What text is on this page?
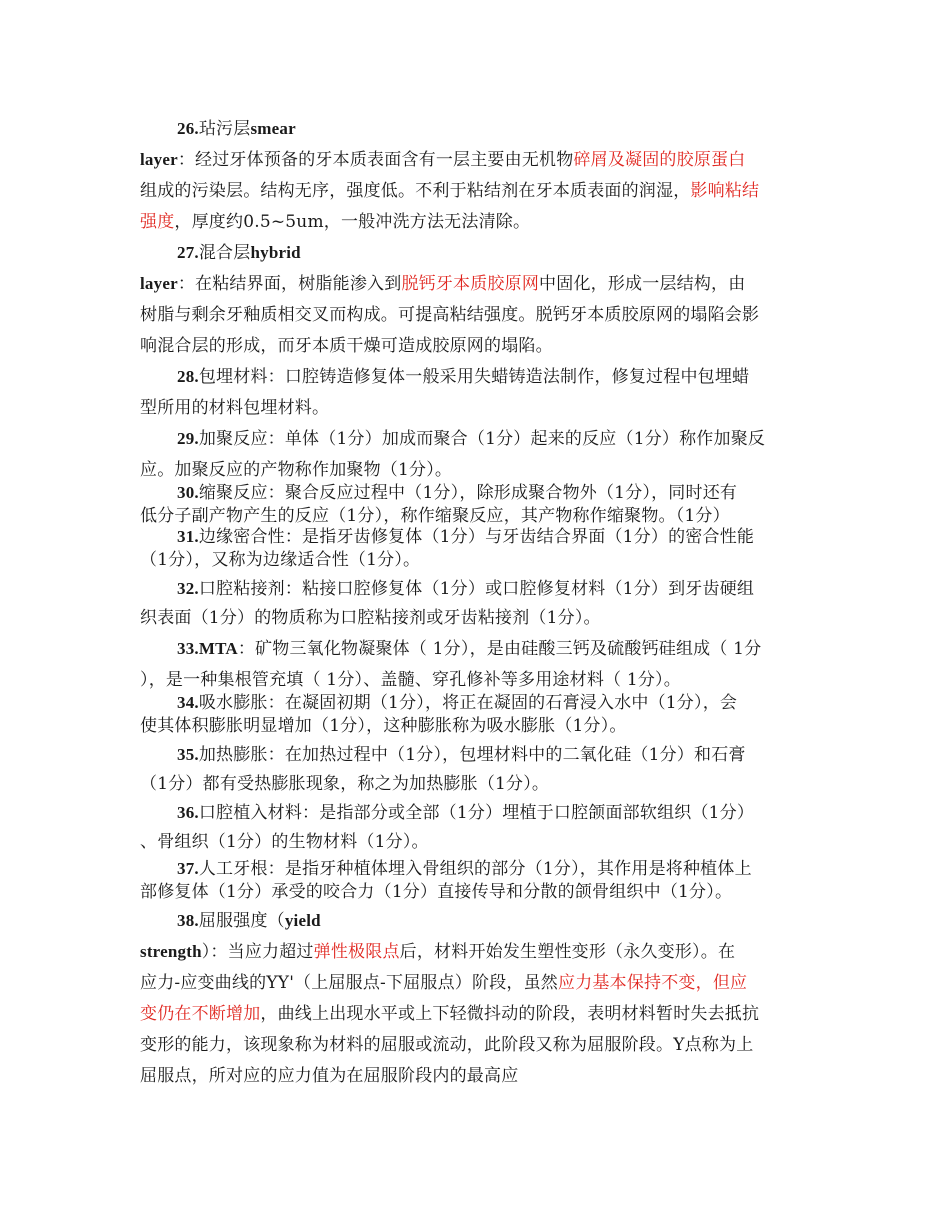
26.玷污层smear
layer：经过牙体预备的牙本质表面含有一层主要由无机物碎屑及凝固的胶原蛋白
组成的污染层。结构无序，强度低。不利于粘结剂在牙本质表面的润湿，影响粘结
强度，厚度约0.5~5um，一般冲洗方法无法清除。
27.混合层hybrid
layer：在粘结界面，树脂能渗入到脱钙牙本质胶原网中固化，形成一层结构，由
树脂与剩余牙釉质相交叉而构成。可提高粘结强度。脱钙牙本质胶原网的塌陷会影
响混合层的形成，而牙本质干燥可造成胶原网的塌陷。
28.包埋材料：口腔铸造修复体一般采用失蜡铸造法制作，修复过程中包埋蜡
型所用的材料包埋材料。
29.加聚反应：单体（1分）加成而聚合（1分）起来的反应（1分）称作加聚反
应。加聚反应的产物称作加聚物（1分）。
30.缩聚反应：聚合反应过程中（1分），除形成聚合物外（1分），同时还有
低分子副产物产生的反应（1分），称作缩聚反应，其产物称作缩聚物。（1分）
31.边缘密合性：是指牙齿修复体（1分）与牙齿结合界面（1分）的密合性能
（1分），又称为边缘适合性（1分）。
32.口腔粘接剂：粘接口腔修复体（1分）或口腔修复材料（1分）到牙齿硬组
织表面（1分）的物质称为口腔粘接剂或牙齿粘接剂（1分）。
33.MTA：矿物三氧化物凝聚体（ 1分），是由硅酸三钙及硫酸钙硅组成（ 1分
），是一种集根管充填（ 1分）、盖髓、穿孔修补等多用途材料（ 1分）。
34.吸水膨胀：在凝固初期（1分），将正在凝固的石膏浸入水中（1分），会
使其体积膨胀明显增加（1分），这种膨胀称为吸水膨胀（1分）。
35.加热膨胀：在加热过程中（1分），包埋材料中的二氧化硅（1分）和石膏
（1分）都有受热膨胀现象，称之为加热膨胀（1分）。
36.口腔植入材料：是指部分或全部（1分）埋植于口腔颌面部软组织（1分）
、骨组织（1分）的生物材料（1分）。
37.人工牙根：是指牙种植体埋入骨组织的部分（1分），其作用是将种植体上
部修复体（1分）承受的咬合力（1分）直接传导和分散的颌骨组织中（1分）。
38.屈服强度（yield
strength）：当应力超过弹性极限点后，材料开始发生塑性变形（永久变形）。在
应力-应变曲线的YY'（上屈服点-下屈服点）阶段，虽然应力基本保持不变，但应
变仍在不断增加，曲线上出现水平或上下轻微抖动的阶段，表明材料暂时失去抵抗
变形的能力，该现象称为材料的屈服或流动，此阶段又称为屈服阶段。Y点称为上
屈服点，所对应的应力值为在屈服阶段内的最高应
